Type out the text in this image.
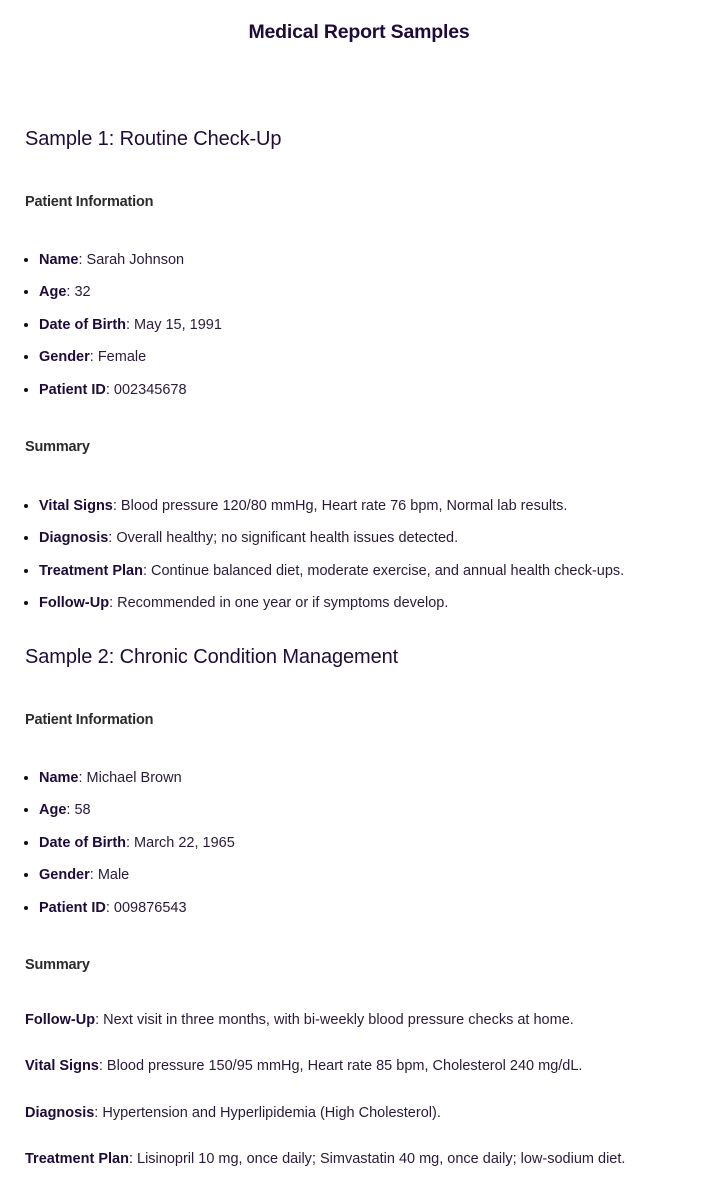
Medical Report Samples
Sample 1: Routine Check-Up
Patient Information
• Name: Sarah Johnson
• Age: 32
• Date of Birth: May 15, 1991
• Gender: Female
• Patient ID: 002345678
Summary
• Vital Signs: Blood pressure 120/80 mmHg, Heart rate 76 bpm, Normal lab results.
• Diagnosis: Overall healthy; no significant health issues detected.
• Treatment Plan: Continue balanced diet, moderate exercise, and annual health check-ups.
• Follow-Up: Recommended in one year or if symptoms develop.
Sample 2: Chronic Condition Management
Patient Information
• Name: Michael Brown
• Age: 58
• Date of Birth: March 22, 1965
• Gender: Male
• Patient ID: 009876543
Summary

Follow-Up: Next visit in three months, with bi-weekly blood pressure checks at home.

Vital Signs: Blood pressure 150/95 mmHg, Heart rate 85 bpm, Cholesterol 240 mg/dL.

Diagnosis: Hypertension and Hyperlipidemia (High Cholesterol).

Treatment Plan: Lisinopril 10 mg, once daily; Simvastatin 40 mg, once daily; low-sodium diet.
